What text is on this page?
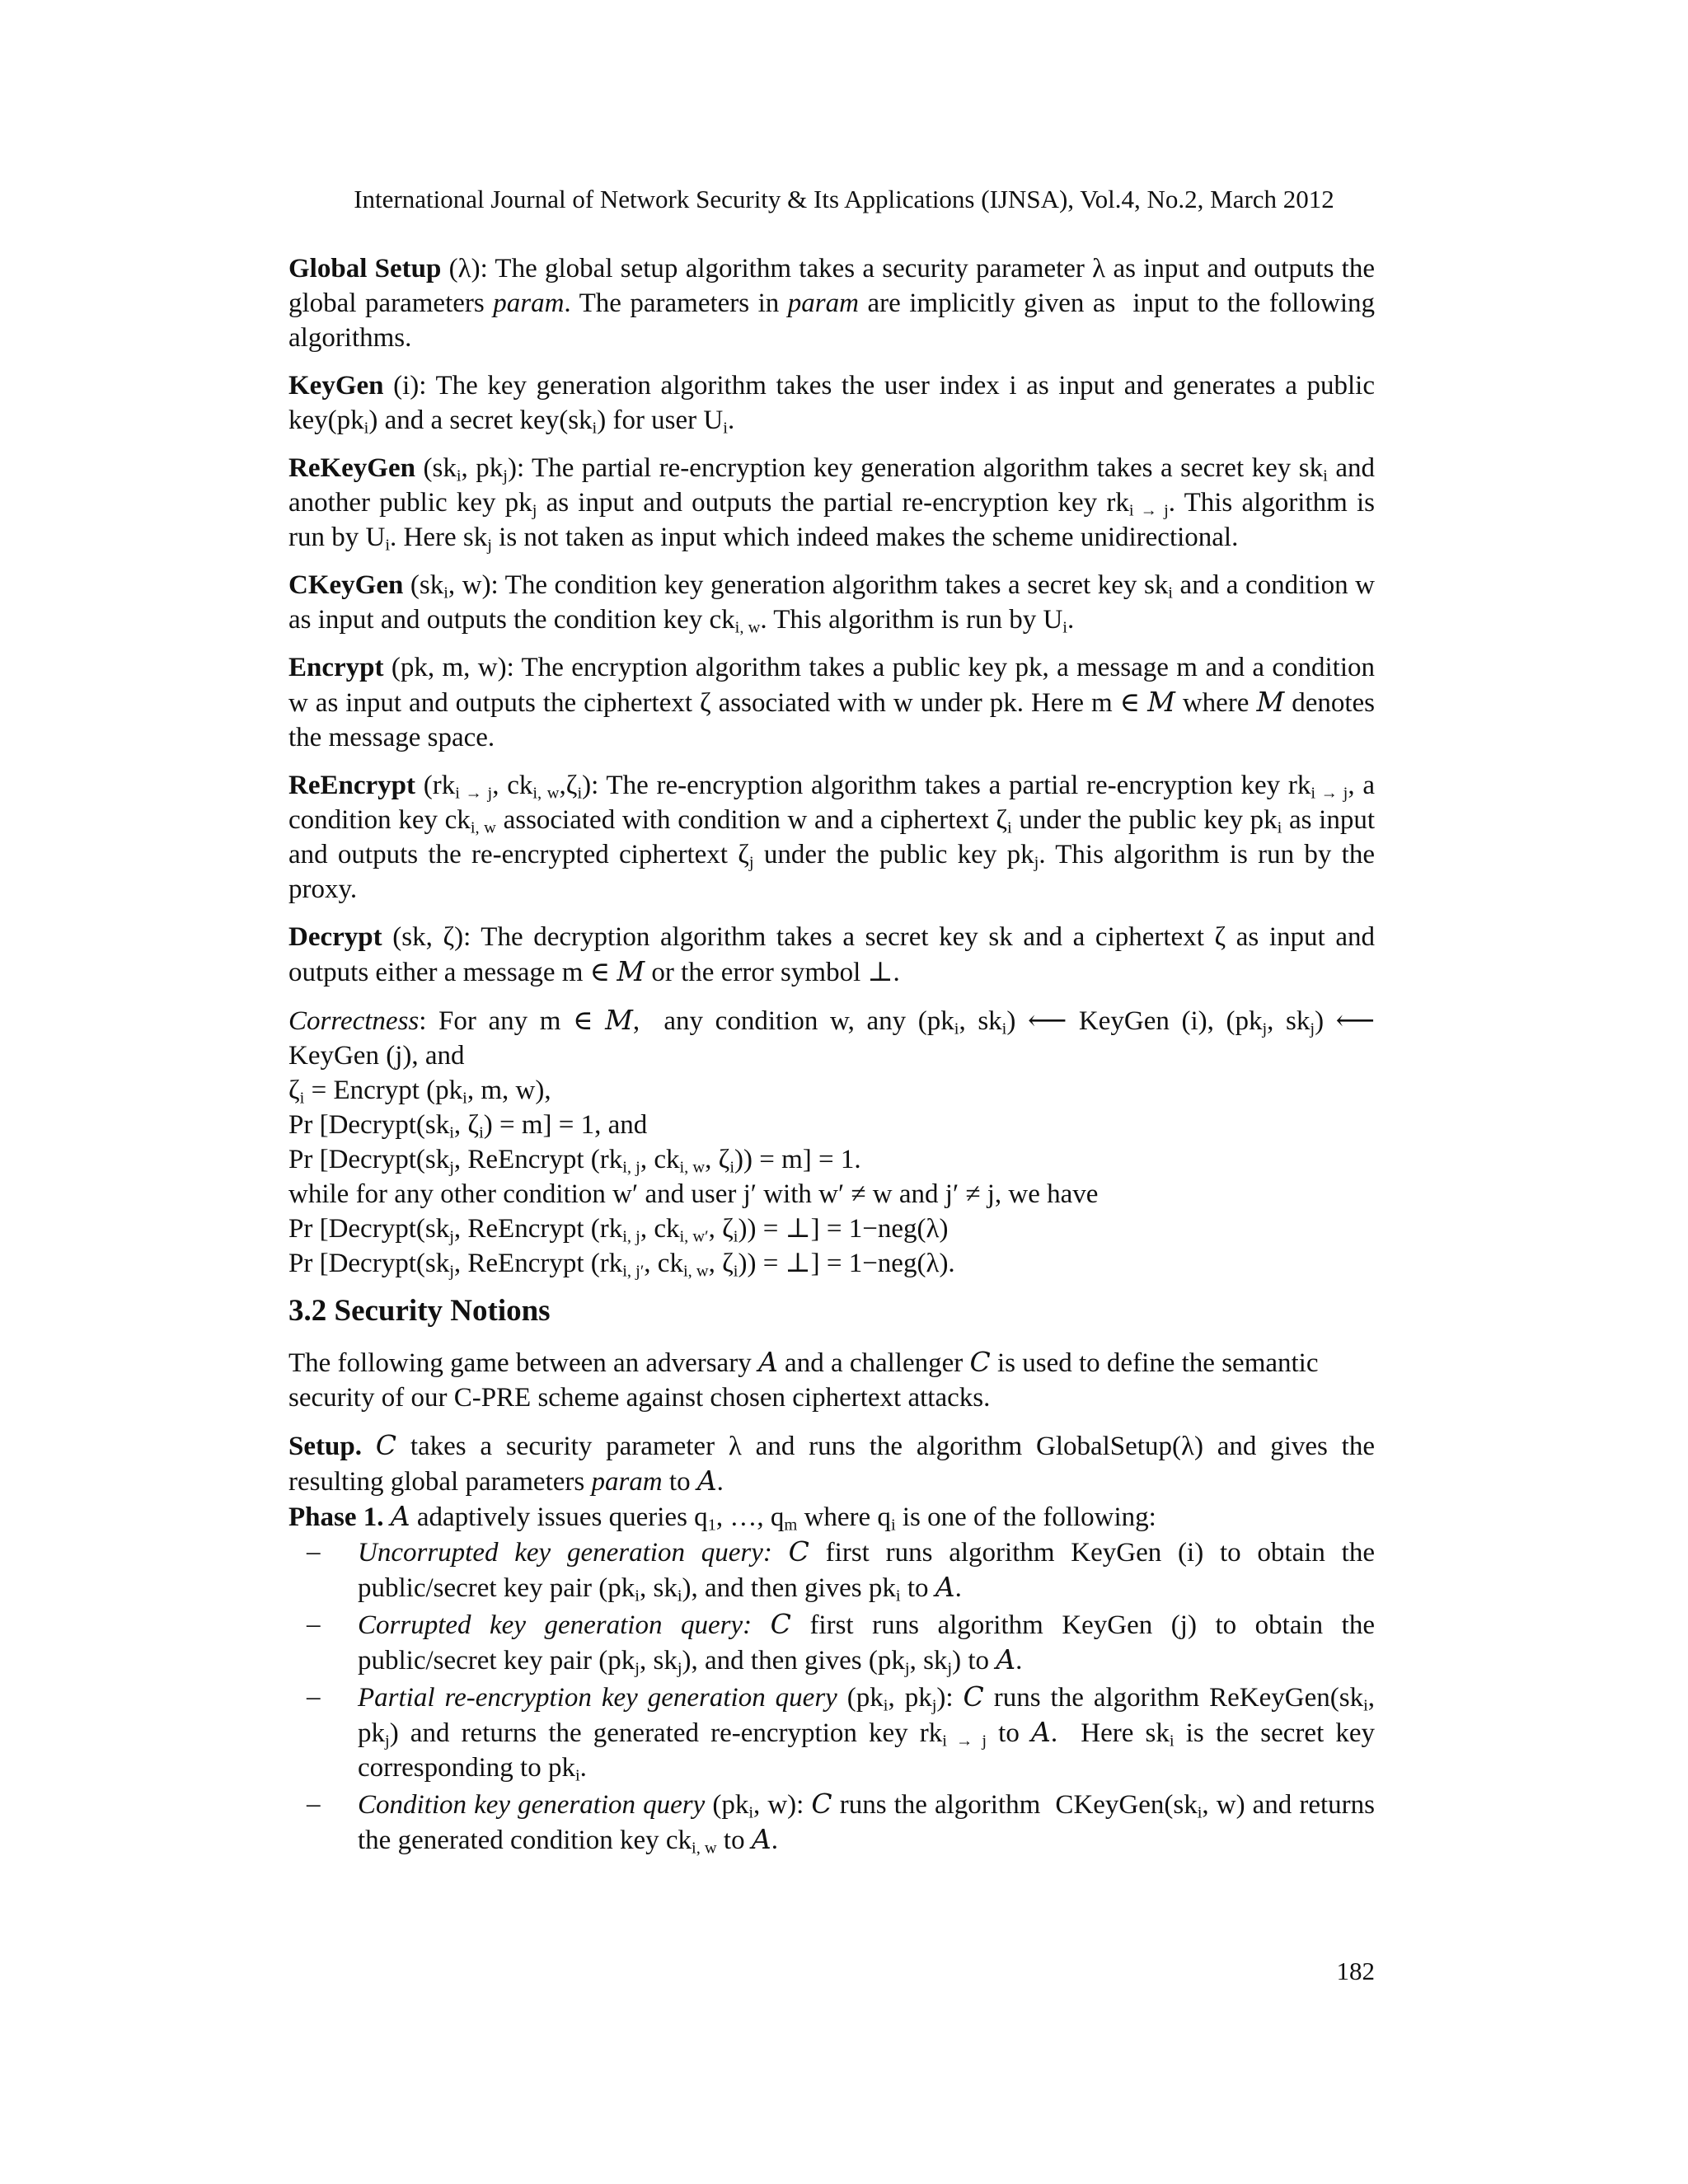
International Journal of Network Security & Its Applications (IJNSA), Vol.4, No.2, March 2012

Global Setup (λ): The global setup algorithm takes a security parameter λ as input and outputs the global parameters param. The parameters in param are implicitly given as  input to the following algorithms.

KeyGen (i): The key generation algorithm takes the user index i as input and generates a public $key(pk_i)$ and a secret $key(sk_i)$ for user $U_i$.

ReKeyGen ($sk_i$, $pk_j$): The partial re-encryption key generation algorithm takes a secret key $sk_i$ and another public key $pk_j$ as input and outputs the partial re-encryption key $rk_{i \to j}$. This algorithm is run by $U_i$. Here $sk_j$ is not taken as input which indeed makes the scheme unidirectional.

CKeyGen ($sk_i$, w): The condition key generation algorithm takes a secret key $sk_i$ and a condition w as input and outputs the condition key $ck_{i, w}$. This algorithm is run by $U_i$.

Encrypt (pk, m, w): The encryption algorithm takes a public key pk, a message m and a condition w as input and outputs the ciphertext ζ associated with w under pk. Here m ∈ M where M denotes the message space.

ReEncrypt ($rk_{i \to j}$, $ck_{i, w},\zeta_i$): The re-encryption algorithm takes a partial re-encryption key $rk_{i \to j}$, a condition key $ck_{i, w}$ associated with condition w and a ciphertext $\zeta_i$ under the public key $pk_i$ as input and outputs the re-encrypted ciphertext $\zeta_j$ under the public key $pk_j$. This algorithm is run by the proxy.

Decrypt (sk, ζ): The decryption algorithm takes a secret key sk and a ciphertext ζ as input and outputs either a message m ∈ M or the error symbol ⊥.

Correctness: For any m ∈ M,  any condition w, any ($pk_i$, $sk_i$) ⟵ KeyGen (i), ($pk_j$, $sk_j$) ⟵ KeyGen (j), and
$\zeta_i$ = Encrypt ($pk_i$, m, w),
Pr [$Decrypt(sk_i$, $\zeta_i) = m] = 1$, and
Pr [$Decrypt(sk_j$, ReEncrypt ($rk_{i, j}$, $ck_{i, w}$, $\zeta_i)) = m] = 1$.
while for any other condition w′ and user j′ with w′ ≠ w and j′ ≠ j, we have
Pr [$Decrypt(sk_j$, ReEncrypt ($rk_{i, j}$, $ck_{i, w'}$, $\zeta_i$)) = ⊥] = 1−neg(λ)
Pr [$Decrypt(sk_j$, ReEncrypt ($rk_{i, j'}$, $ck_{i, w}$, $\zeta_i$)) = ⊥] = 1−neg(λ).
3.2 Security Notions

The following game between an adversary A and a challenger C is used to define the semantic security of our C-PRE scheme against chosen ciphertext attacks.

Setup. C takes a security parameter λ and runs the algorithm GlobalSetup(λ) and gives the resulting global parameters param to A.

Phase 1. A adaptively issues queries $q_1$, …, $q_m$ where $q_i$ is one of the following:

– Uncorrupted key generation query: C first runs algorithm KeyGen (i) to obtain the public/secret key pair ($pk_i$, $sk_i$), and then gives $pk_i$ to A.
– Corrupted key generation query: C first runs algorithm KeyGen (j) to obtain the public/secret key pair ($pk_j$, $sk_j$), and then gives ($pk_j$, $sk_j$) to A.
– Partial re-encryption key generation query ($pk_i$, $pk_j$): C runs the algorithm $ReKeyGen(sk_i$, $pk_j$) and returns the generated re-encryption key $rk_{i \to j}$ to A.  Here $sk_i$ is the secret key corresponding to $pk_i$.
– Condition key generation query ($pk_i$, w): C runs the algorithm  $CKeyGen(sk_i$, w) and returns the generated condition key $ck_{i, w}$ to A.
182
